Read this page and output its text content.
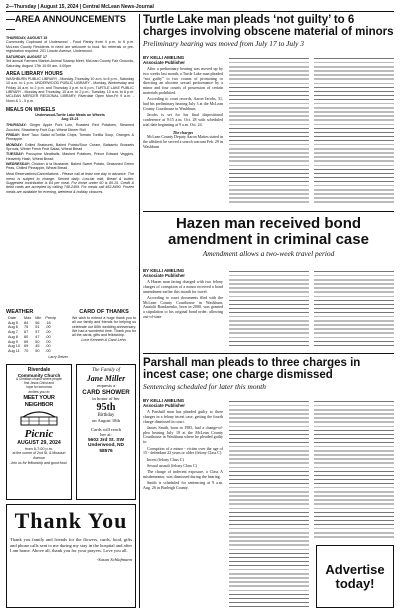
2—Thursday | August 15, 2024 | Central McLean News-Journal
—AREA ANNOUNCEMENTS—
THURSDAY, AUGUST 15
Community Cupboard of Underwood - Food Pantry from 4 p.m. to 6 p.m. McLean County Residents in need are welcome to food. No referrals or pre-registration required. 201 Lincoln Avenue, Underwood.
SATURDAY, AUGUST 17
3rd annual Farmers Market-Animal Swamp Meet, McLean County Fair Grounds, Saturday, August 17th 10:00 am- 4:00pm
AREA LIBRARY HOURS
WASHBURN PUBLIC LIBRARY - Monday-Thursday 10 a.m. to 6 p.m., Saturday 10 a.m. to 1 p.m. UNDERWOOD PUBLIC LIBRARY - Monday, Wednesday and Friday 10 a.m. to 2 p.m. and Thursday 3 p.m. to 6 p.m. TURTLE LAKE PUBLIC LIBRARY - Monday and Thursday, 10 a.m. to 2 p.m.; Tuesday, 10 a.m. to 6 p.m. MCLEAN MERCER REGIONAL LIBRARY, Riverdale Open Mon-Fri 9 a.m. - Noon & 1 - 5 p.m.
MEALS ON WHEELS
Underwood-Turtle Lake Meals on Wheels
Aug 15-21
THURSDAY: Ginger Apple Pork Loin, Roasted Red Potatoes, Steamed Zucchini, Strawberry Fruit Cup, Wheat Dinner Roll
FRIDAY: Beef Taco Salad w/Tortilla Chips, Tomato Tortilla Soup, Oranges & Pineapple
MONDAY: Grilled Bratwurst, Baked Potato/Sour Cream, Balsamic Brussels Sprouts, Winter Fresh Fruit Salad, Wheat Bread
TUESDAY: Porcupine Meatballs, Mashed Potatoes, Prince Edward Veggies, Heavenly Hash, Wheat Bread
WEDNESDAY: Chicken á la Mustarde, Baked Sweet Potato, Seasoned Green Peas, Chilled Pineapple, Wheat Bread
Meal Reservations/Cancellations - Please call at least one day in advance. The menu is subject to change. Served daily: Low-fat milk, Bread & butter. Suggested contribution is $4 per meal. For those under 60 is $5.15. Credit & debit cards are accepted by calling 748-2459. For meals call 462-8490. Frozen meals are available for evening, weekend & holiday closures.
WEATHER
Date	Max	Min	Precip
Aug 5	84	56	.18
Aug 6	75	51	.00
Aug 7	67	57	.00
Aug 8	80	47	.00
Aug 9	69	50	.00
Aug 10	69	45	.00
Aug 11	70	50	.00
Larry Delzer
CARD OF THANKS
We wish to extend a huge thank you to all our family and friends for helping us celebrate our 60th wedding anniversary. We had a wonderful time. Thank you for all the cards, gifts and fellowship.
Love Kenneth & Carol Lehn.
Riverdale
Community Church
A Christian church where people
find Jesus Christ and
hope for tomorrow
invites you to
MEET YOUR NEIGHBOR
Picnic
AUGUST 29, 2024
from 5-7:00 p.m.
at the corner of 2nd St. & Missouri Avenue
Join us for fellowship and good food.
The Family of
Jane Miller
requests a
CARD SHOWER
in honor of her
95th
Birthday
on August 18th
Cards will reach
her at:
5602 3rd St. SW
Underwood, ND
58576
Thank You
Thank you family and friends for the flowers, cards, food, gifts and phone calls sent to me during my stay in the hospital and after I am home. Above all, thank you for your prayers. Love you all.
-Susan Schlafmann
Turtle Lake man pleads ‘not guilty’ to 6 charges involving obscene material of minors
Preliminary hearing was moved from July 17 to July 3
BY KELLI AMELING
Associate Publisher

After a preliminary hearing was moved up by two weeks last month, a Turtle Lake man pleaded “not guilty” to two counts of promoting or directing an obscene sexual performance by a minor and four counts of possession of certain materials prohibited.

According to court records, Aaron Jacobs, 31, had his preliminary hearing July 3 at the McLean County Courthouse in Washburn.

Jacobs is set for his final dispositional conference at 9:15 a.m. Oct. 28 with scheduled trial date beginning at 9 a.m. Oct. 24.

The charges
McLean County Deputy Aaron Mattes stated in the affidavit he served a search warrant Feb. 29 in Washburn
Hazen man received bond amendment in criminal case
Amendment allows a two-week travel period
BY KELLI AMELING
Associate Publisher

A Hazen man facing charged with two felony charges of corruption of a minor received a bond amendment earlier this month for travel.

According to court documents filed with the McLean County Courthouse in Washburn, Anatolii Bondarenko, born in 2000, was granted a stipulation to his original bond order, allowing out-of-state

Parshall man pleads to three charges in incest case; one charge dismissed
Sentencing scheduled for later this month
BY KELLI AMELING
Associate Publisher

A Parshall man has pleaded guilty to three charges in a felony incest case, getting the fourth charge dismissed in court.

James Smith, born in 1985, had a change-of-plea hearing July 18 at the McLean County Courthouse in Washburn where he pleaded guilty to:

Corruption of a minor - victim over the age of 15 - defendant 22 years or older (felony Class C)

Incest (felony Class C)

Sexual assault (felony Class C)

The charge of indecent exposure, a Class A misdemeanor, was dismissed during the hearing.

Smith is scheduled for sentencing at 9 a.m. Aug. 26 in Burleigh County.

Advertise today!
